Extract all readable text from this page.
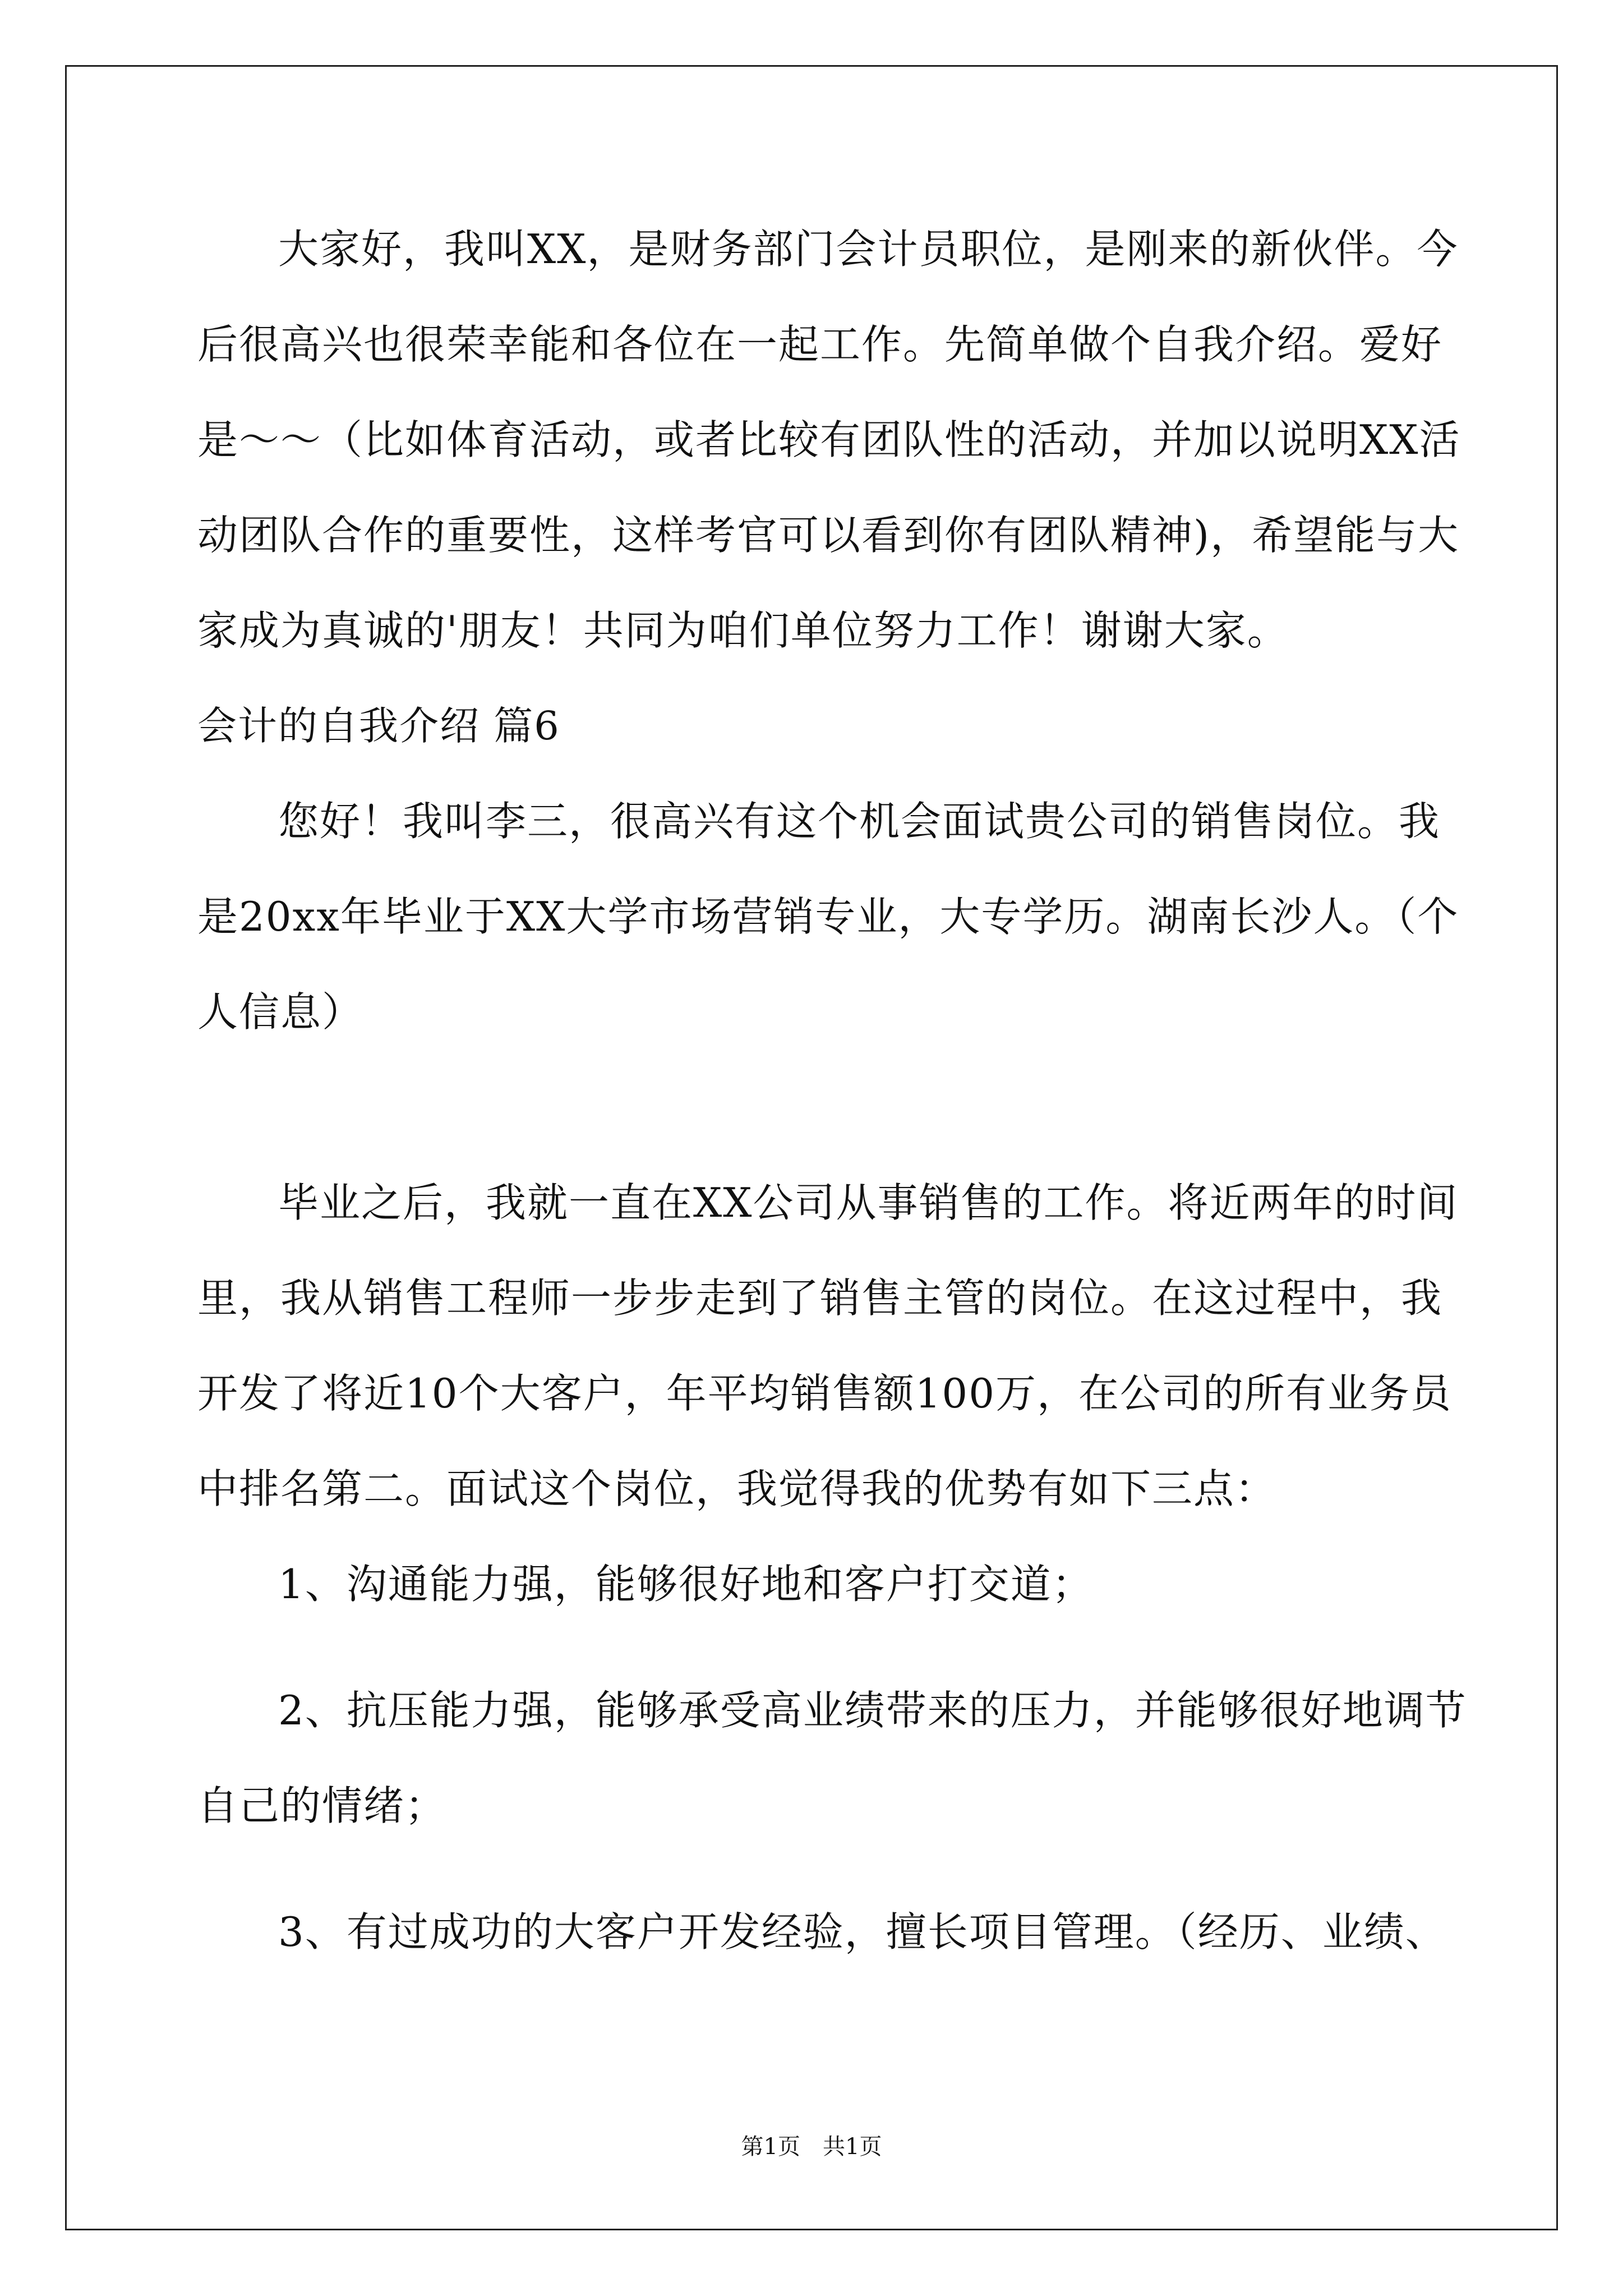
大家好，我叫XX，是财务部门会计员职位，是刚来的新伙伴。今
后很高兴也很荣幸能和各位在一起工作。先简单做个自我介绍。爱好
是～～（比如体育活动，或者比较有团队性的活动，并加以说明XX活
动团队合作的重要性，这样考官可以看到你有团队精神)，希望能与大
家成为真诚的'朋友！共同为咱们单位努力工作！谢谢大家。
会计的自我介绍 篇6
您好！我叫李三，很高兴有这个机会面试贵公司的销售岗位。我
是20xx年毕业于XX大学市场营销专业，大专学历。湖南长沙人。（个
人信息）
毕业之后，我就一直在XX公司从事销售的工作。将近两年的时间
里，我从销售工程师一步步走到了销售主管的岗位。在这过程中，我
开发了将近10个大客户，年平均销售额100万，在公司的所有业务员
中排名第二。面试这个岗位，我觉得我的优势有如下三点：
1、沟通能力强，能够很好地和客户打交道；
2、抗压能力强，能够承受高业绩带来的压力，并能够很好地调节
自己的情绪；
3、有过成功的大客户开发经验，擅长项目管理。（经历、业绩、
第1页　共1页
